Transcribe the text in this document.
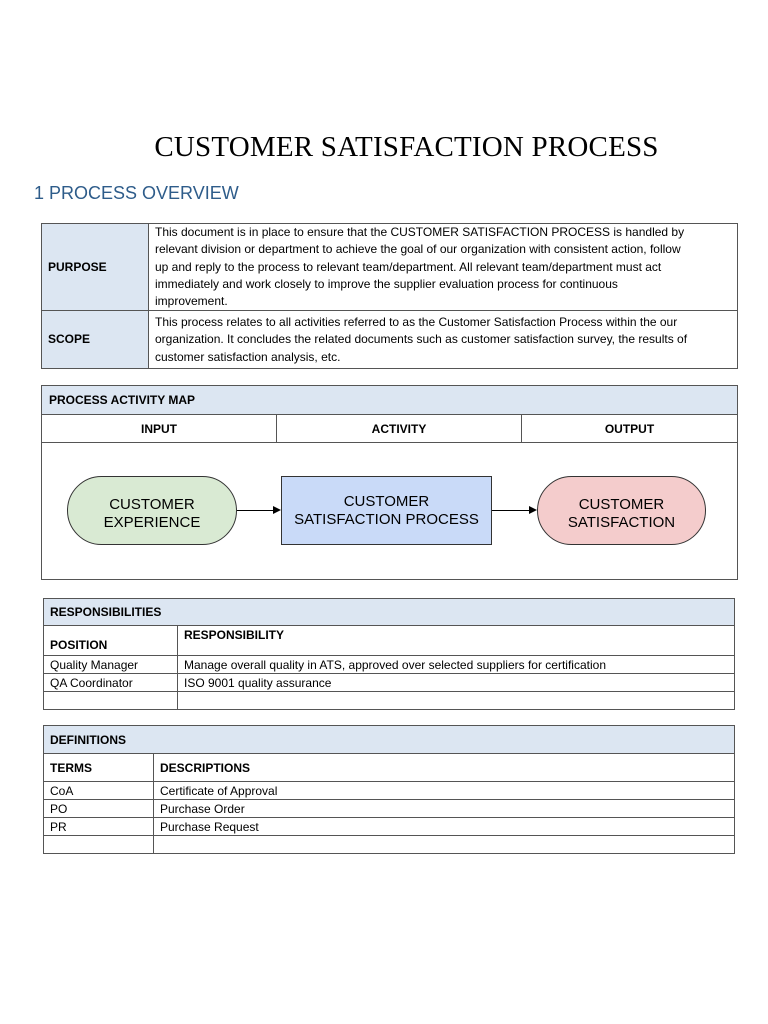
CUSTOMER SATISFACTION PROCESS
1 PROCESS OVERVIEW
PURPOSE	This document is in place to ensure that the CUSTOMER SATISFACTION PROCESS is handled by
relevant division or department to achieve the goal of our organization with consistent action, follow
up and reply to the process to relevant team/department. All relevant team/department must act
immediately and work closely to improve the supplier evaluation process for continuous
improvement.

SCOPE	This process relates to all activities referred to as the Customer Satisfaction Process within the our
organization. It concludes the related documents such as customer satisfaction survey, the results of
customer satisfaction analysis, etc.
PROCESS ACTIVITY MAP
INPUT	ACTIVITY	OUTPUT
CUSTOMER
EXPERIENCE
CUSTOMER
SATISFACTION PROCESS
CUSTOMER
SATISFACTION
RESPONSIBILITIES	
POSITION	RESPONSIBILITY
Quality Manager	Manage overall quality in ATS, approved over selected suppliers for certification
QA Coordinator	ISO 9001 quality assurance

DEFINITIONS	
TERMS	DESCRIPTIONS
CoA	Certificate of Approval
PO	Purchase Order
PR	Purchase Request
